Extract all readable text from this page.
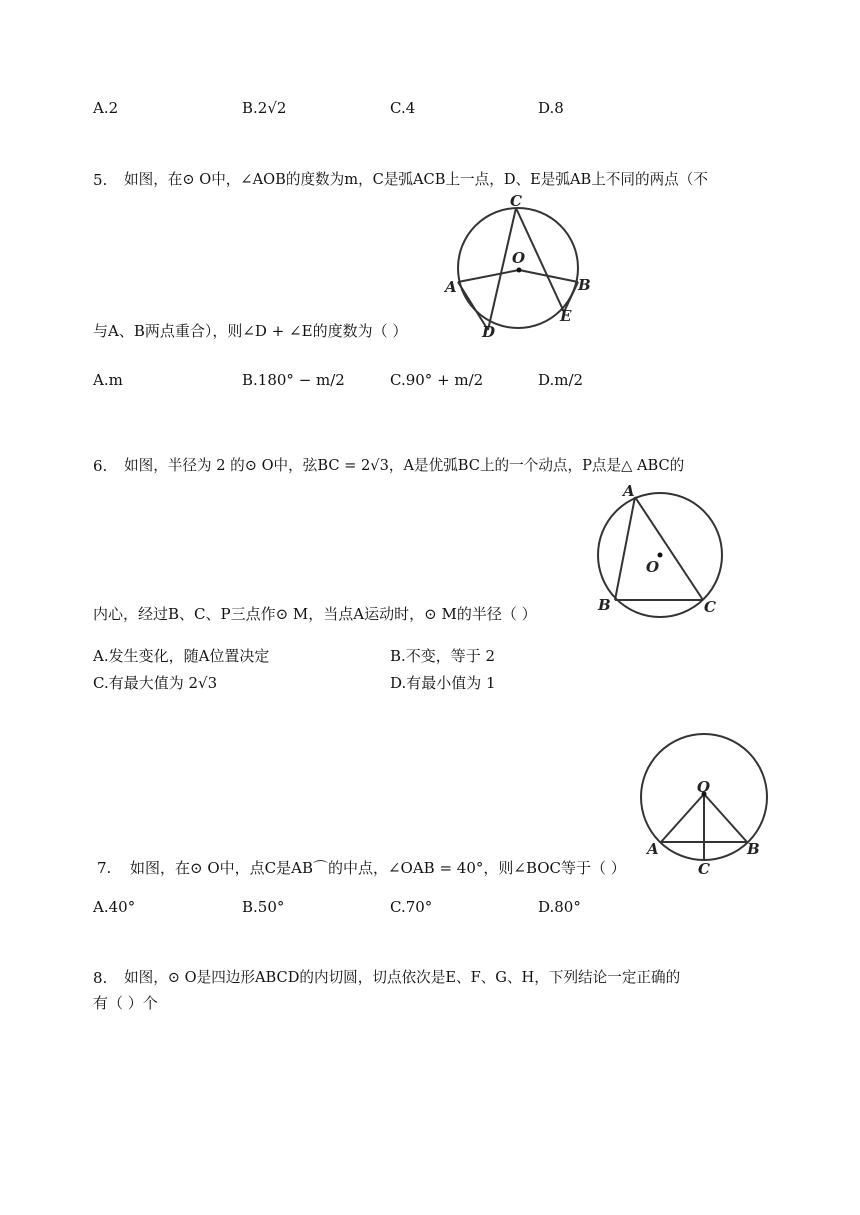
A.2	B.2√2	C.4	D.8
5. 如图，在⊙ O中，∠AOB的度数为m，C是弧ACB上一点，D、E是弧AB上不同的两点（不
C
O
A	B
D
E
与A、B两点重合），则∠D + ∠E的度数为（ ）
A.m	B.180° − m/2	C.90° + m/2	D.m/2
6. 如图，半径为 2 的⊙ O中，弦BC = 2√3，A是优弧BC上的一个动点，P点是△ ABC的
A
O
B	C
内心，经过B、C、P三点作⊙ M，当点A运动时，⊙ M的半径（ ）
A.发生变化，随A位置决定	B.不变，等于 2
C.有最大值为 2√3	D.有最小值为 1
O
A	B
C
7. 如图，在⊙ O中，点C是AB⌒的中点，∠OAB = 40°，则∠BOC等于（ ）
A.40°	B.50°	C.70°	D.80°
8. 如图，⊙ O是四边形ABCD的内切圆，切点依次是E、F、G、H，下列结论一定正确的
有（ ）个
